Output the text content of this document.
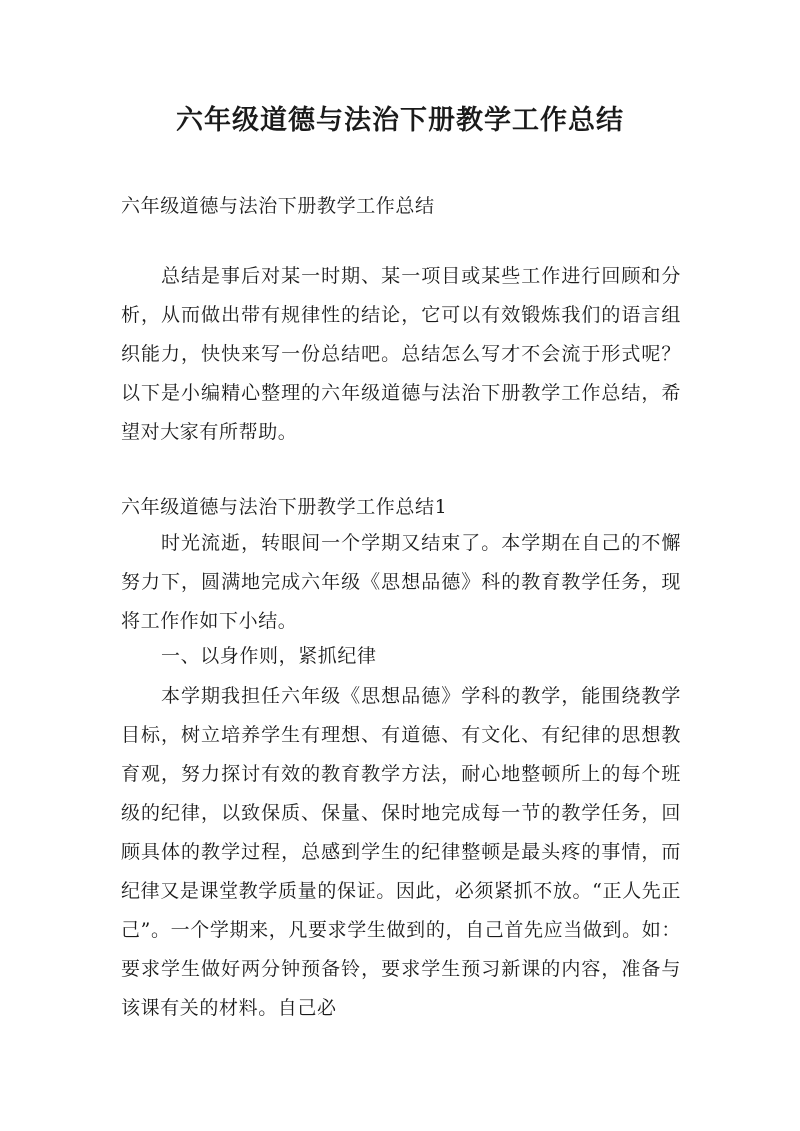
六年级道德与法治下册教学工作总结

六年级道德与法治下册教学工作总结

总结是事后对某一时期、某一项目或某些工作进行回顾和分析，从而做出带有规律性的结论，它可以有效锻炼我们的语言组织能力，快快来写一份总结吧。总结怎么写才不会流于形式呢？以下是小编精心整理的六年级道德与法治下册教学工作总结，希望对大家有所帮助。

六年级道德与法治下册教学工作总结1

时光流逝，转眼间一个学期又结束了。本学期在自己的不懈努力下，圆满地完成六年级《思想品德》科的教育教学任务，现将工作作如下小结。

一、以身作则，紧抓纪律

本学期我担任六年级《思想品德》学科的教学，能围绕教学目标，树立培养学生有理想、有道德、有文化、有纪律的思想教育观，努力探讨有效的教育教学方法，耐心地整顿所上的每个班级的纪律，以致保质、保量、保时地完成每一节的教学任务，回顾具体的教学过程，总感到学生的纪律整顿是最头疼的事情，而纪律又是课堂教学质量的保证。因此，必须紧抓不放。“正人先正己”。一个学期来，凡要求学生做到的，自己首先应当做到。如：要求学生做好两分钟预备铃，要求学生预习新课的内容，准备与该课有关的材料。自己必
